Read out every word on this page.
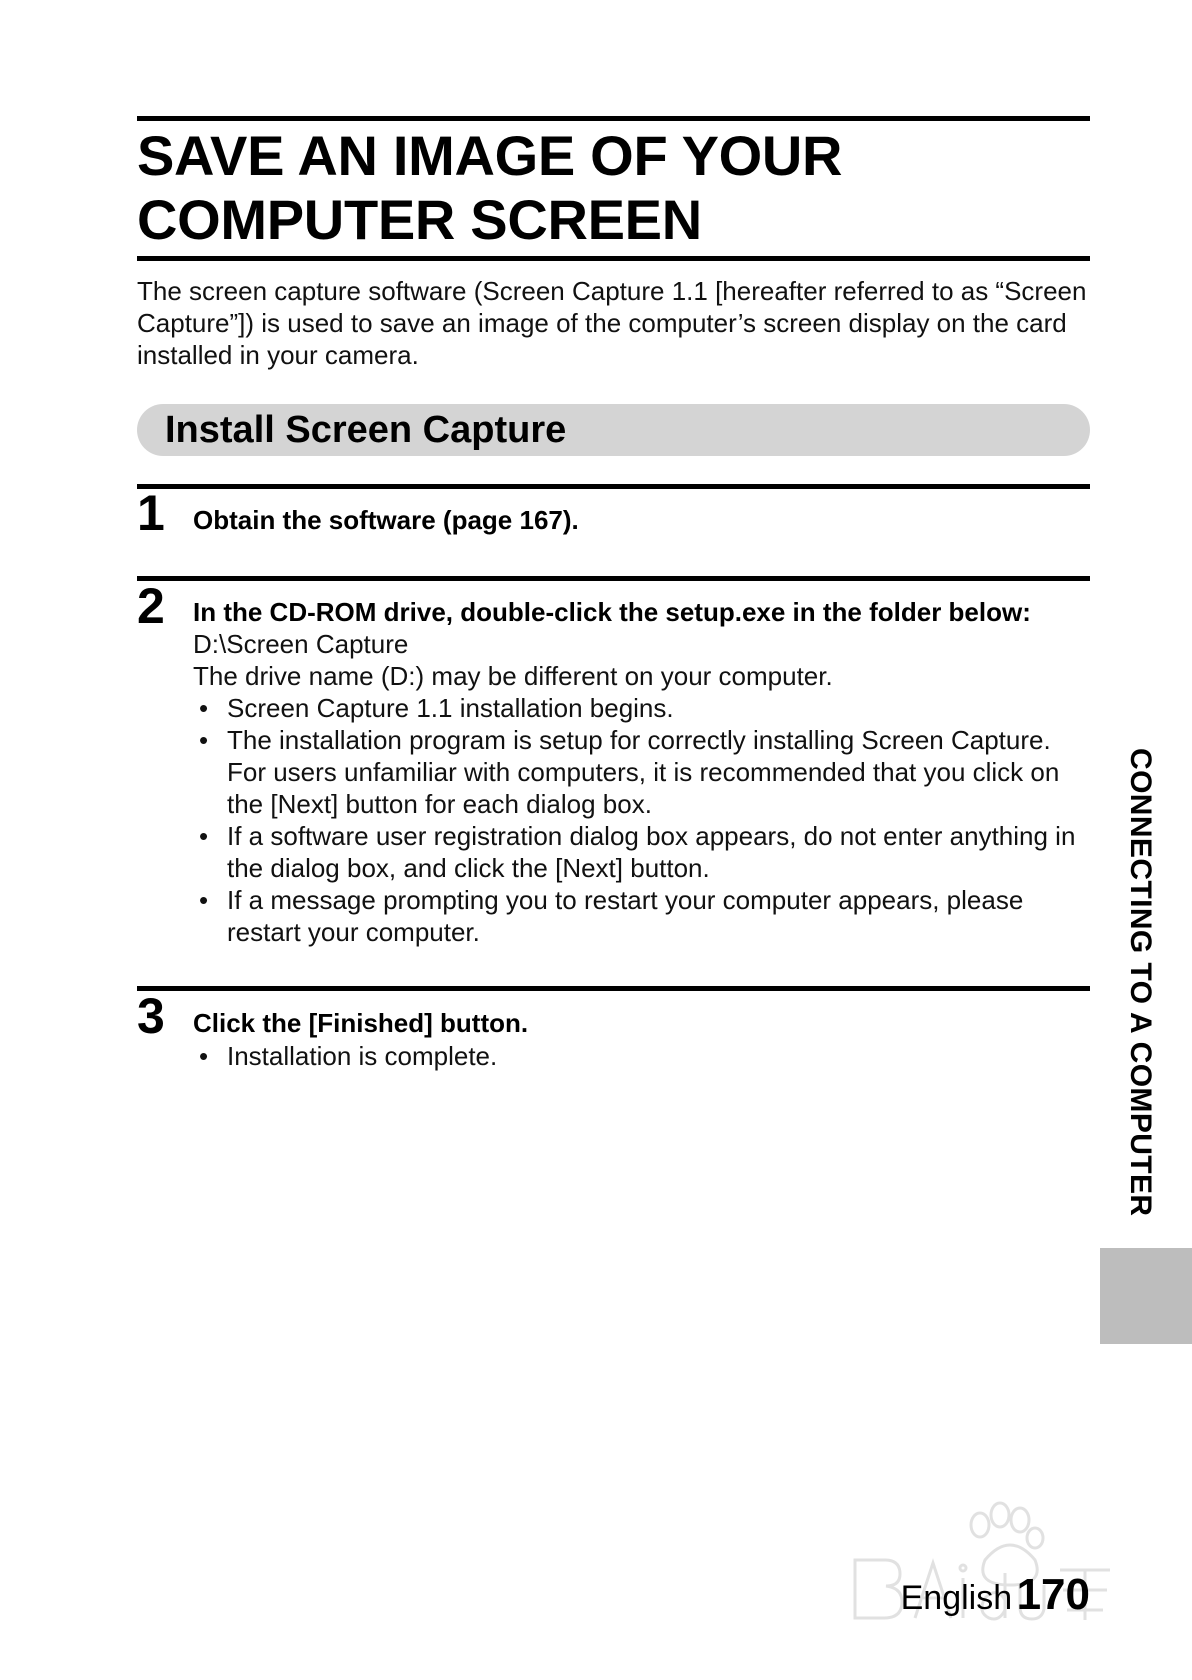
SAVE AN IMAGE OF YOUR
COMPUTER SCREEN

The screen capture software (Screen Capture 1.1 [hereafter referred to as “Screen Capture”]) is used to save an image of the computer’s screen display on the card installed in your camera.

Install Screen Capture
1 Obtain the software (page 167).

2 In the CD-ROM drive, double-click the setup.exe in the folder below:

D:\Screen Capture

The drive name (D:) may be different on your computer.

• Screen Capture 1.1 installation begins.
• The installation program is setup for correctly installing Screen Capture. For users unfamiliar with computers, it is recommended that you click on the [Next] button for each dialog box.
• If a software user registration dialog box appears, do not enter anything in the dialog box, and click the [Next] button.
• If a message prompting you to restart your computer appears, please restart your computer.
3 Click the [Finished] button.

• Installation is complete.	CONNECTING TO A COMPUTER
English 170
